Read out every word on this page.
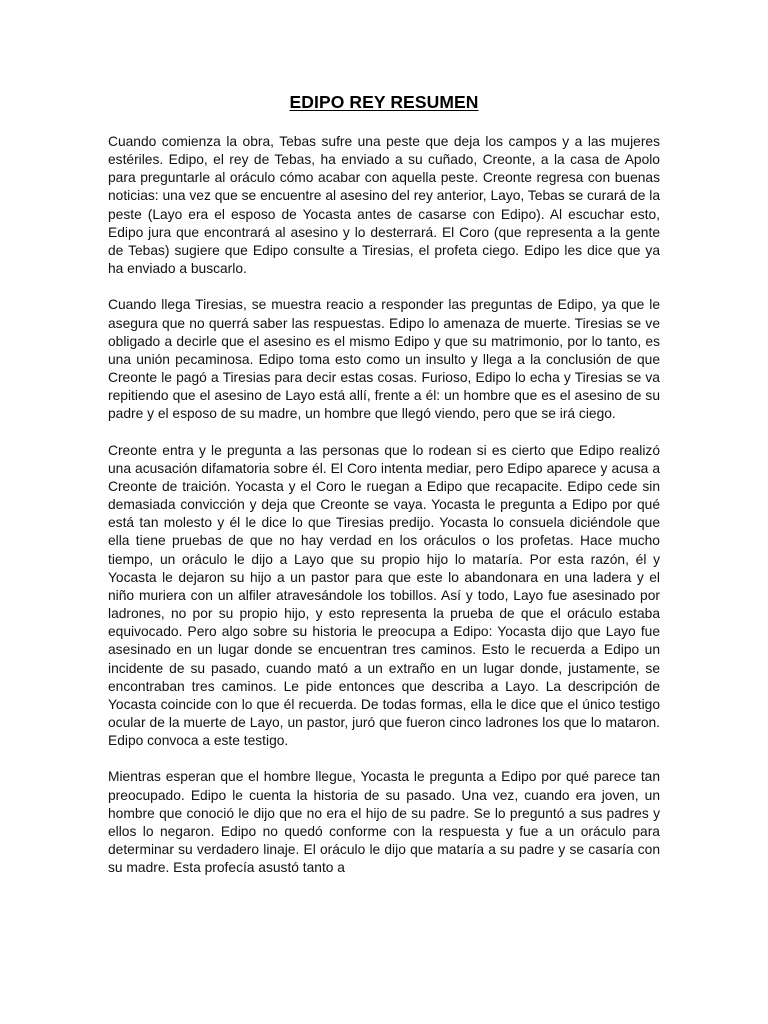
EDIPO REY RESUMEN

Cuando comienza la obra, Tebas sufre una peste que deja los campos y a las mujeres estériles. Edipo, el rey de Tebas, ha enviado a su cuñado, Creonte, a la casa de Apolo para preguntarle al oráculo cómo acabar con aquella peste. Creonte regresa con buenas noticias: una vez que se encuentre al asesino del rey anterior, Layo, Tebas se curará de la peste (Layo era el esposo de Yocasta antes de casarse con Edipo). Al escuchar esto, Edipo jura que encontrará al asesino y lo desterrará. El Coro (que representa a la gente de Tebas) sugiere que Edipo consulte a Tiresias, el profeta ciego. Edipo les dice que ya ha enviado a buscarlo.

Cuando llega Tiresias, se muestra reacio a responder las preguntas de Edipo, ya que le asegura que no querrá saber las respuestas. Edipo lo amenaza de muerte. Tiresias se ve obligado a decirle que el asesino es el mismo Edipo y que su matrimonio, por lo tanto, es una unión pecaminosa. Edipo toma esto como un insulto y llega a la conclusión de que Creonte le pagó a Tiresias para decir estas cosas. Furioso, Edipo lo echa y Tiresias se va repitiendo que el asesino de Layo está allí, frente a él: un hombre que es el asesino de su padre y el esposo de su madre, un hombre que llegó viendo, pero que se irá ciego.

Creonte entra y le pregunta a las personas que lo rodean si es cierto que Edipo realizó una acusación difamatoria sobre él. El Coro intenta mediar, pero Edipo aparece y acusa a Creonte de traición. Yocasta y el Coro le ruegan a Edipo que recapacite. Edipo cede sin demasiada convicción y deja que Creonte se vaya. Yocasta le pregunta a Edipo por qué está tan molesto y él le dice lo que Tiresias predijo. Yocasta lo consuela diciéndole que ella tiene pruebas de que no hay verdad en los oráculos o los profetas. Hace mucho tiempo, un oráculo le dijo a Layo que su propio hijo lo mataría. Por esta razón, él y Yocasta le dejaron su hijo a un pastor para que este lo abandonara en una ladera y el niño muriera con un alfiler atravesándole los tobillos. Así y todo, Layo fue asesinado por ladrones, no por su propio hijo, y esto representa la prueba de que el oráculo estaba equivocado. Pero algo sobre su historia le preocupa a Edipo: Yocasta dijo que Layo fue asesinado en un lugar donde se encuentran tres caminos. Esto le recuerda a Edipo un incidente de su pasado, cuando mató a un extraño en un lugar donde, justamente, se encontraban tres caminos. Le pide entonces que describa a Layo. La descripción de Yocasta coincide con lo que él recuerda. De todas formas, ella le dice que el único testigo ocular de la muerte de Layo, un pastor, juró que fueron cinco ladrones los que lo mataron. Edipo convoca a este testigo.

Mientras esperan que el hombre llegue, Yocasta le pregunta a Edipo por qué parece tan preocupado. Edipo le cuenta la historia de su pasado. Una vez, cuando era joven, un hombre que conoció le dijo que no era el hijo de su padre. Se lo preguntó a sus padres y ellos lo negaron. Edipo no quedó conforme con la respuesta y fue a un oráculo para determinar su verdadero linaje. El oráculo le dijo que mataría a su padre y se casaría con su madre. Esta profecía asustó tanto a
